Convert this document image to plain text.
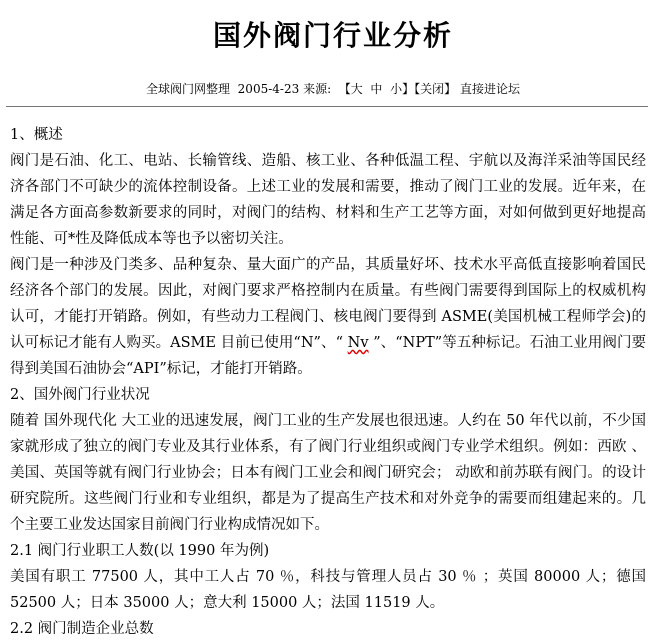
国外阀门行业分析
全球阀门网整理 2005-4-23 来源: 【大 中 小】【关闭】 直接进论坛
1、概述

阀门是石油、化工、电站、长输管线、造船、核工业、各种低温工程、宇航以及海洋采油等国民经济各部门不可缺少的流体控制设备。上述工业的发展和需要，推动了阀门工业的发展。近年来，在满足各方面高参数新要求的同时，对阀门的结构、材料和生产工艺等方面，对如何做到更好地提高性能、可*性及降低成本等也予以密切关注。

阀门是一种涉及门类多、品种复杂、量大面广的产品，其质量好坏、技术水平高低直接影响着国民经济各个部门的发展。因此，对阀门要求严格控制内在质量。有些阀门需要得到国际上的权威机构认可，才能打开销路。例如，有些动力工程阀门、核电阀门要得到 ASME(美国机械工程师学会)的认可标记才能有人购买。ASME 目前已使用“N”、“ Nv ”、“NPT”等五种标记。石油工业用阀门要得到美国石油协会“API”标记，才能打开销路。

2、国外阀门行业状况

随着 国外现代化 大工业的迅速发展，阀门工业的生产发展也很迅速。人约在 50 年代以前，不少国家就形成了独立的阀门专业及其行业体系，有了阀门行业组织或阀门专业学术组织。例如：西欧 、美国、英国等就有阀门行业协会；日本有阀门工业会和阀门研究会； 动欧和前苏联有阀门。的设计研究院所。这些阀门行业和专业组织，都是为了提高生产技术和对外竞争的需要而组建起来的。几个主要工业发达国家目前阀门行业构成情况如下。

2.1 阀门行业职工人数(以 1990 年为例)

美国有职工 77500 人，其中工人占 70 ％，科技与管理人员占 30 ％ ；英国 80000 人；德国 52500 人；日本 35000 人；意大利 15000 人；法国 11519 人。

2.2 阀门制造企业总数
